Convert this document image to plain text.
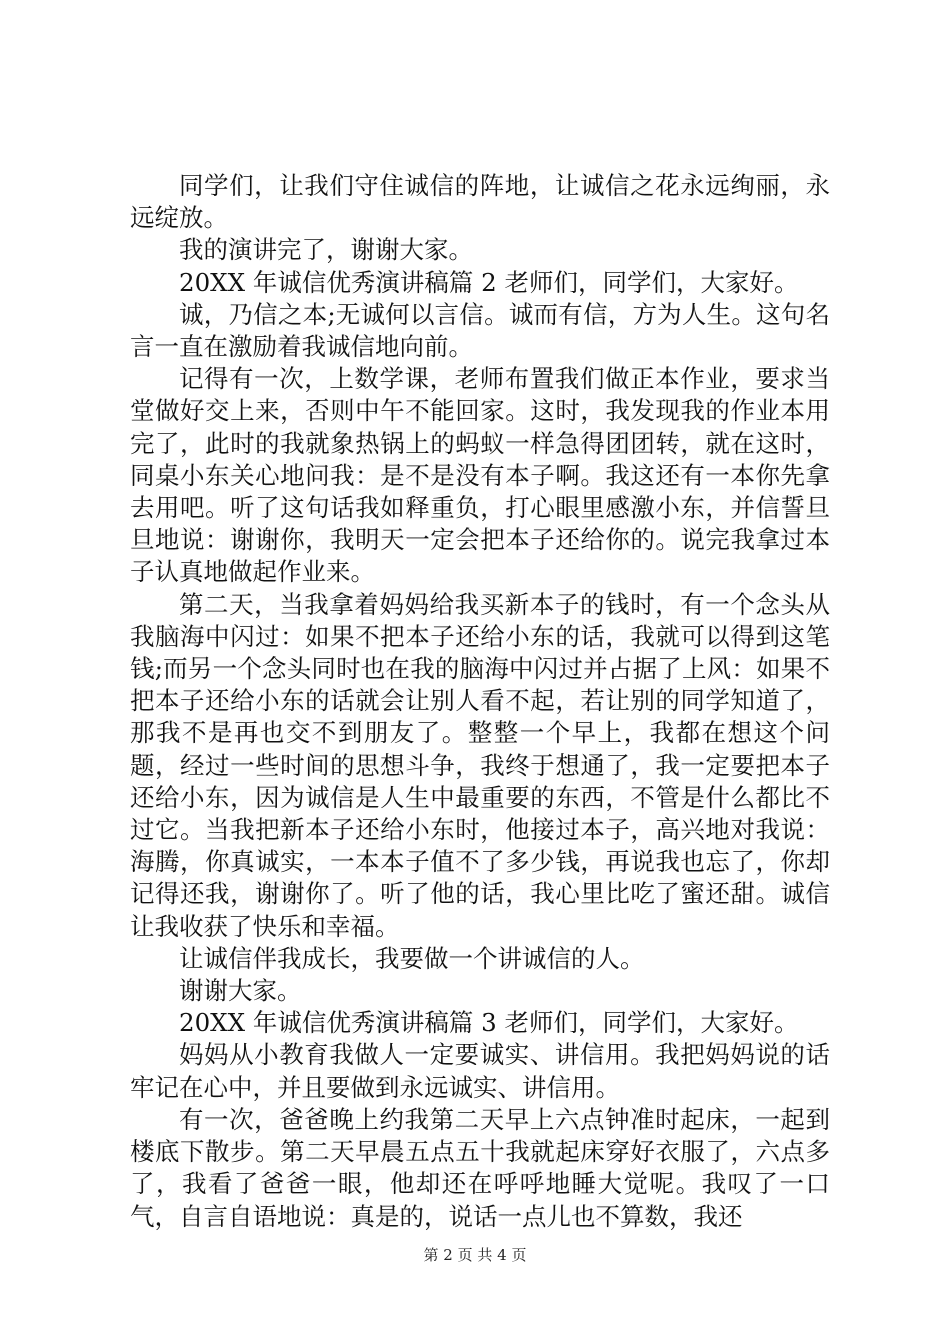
同学们，让我们守住诚信的阵地，让诚信之花永远绚丽，永远绽放。

我的演讲完了，谢谢大家。

20XX 年诚信优秀演讲稿篇 2 老师们，同学们，大家好。

诚，乃信之本;无诚何以言信。诚而有信，方为人生。这句名言一直在激励着我诚信地向前。

记得有一次，上数学课，老师布置我们做正本作业，要求当堂做好交上来，否则中午不能回家。这时，我发现我的作业本用完了，此时的我就象热锅上的蚂蚁一样急得团团转，就在这时，同桌小东关心地问我：是不是没有本子啊。我这还有一本你先拿去用吧。听了这句话我如释重负，打心眼里感激小东，并信誓旦旦地说：谢谢你，我明天一定会把本子还给你的。说完我拿过本子认真地做起作业来。

第二天，当我拿着妈妈给我买新本子的钱时，有一个念头从我脑海中闪过：如果不把本子还给小东的话，我就可以得到这笔钱;而另一个念头同时也在我的脑海中闪过并占据了上风：如果不把本子还给小东的话就会让别人看不起，若让别的同学知道了，那我不是再也交不到朋友了。整整一个早上，我都在想这个问题，经过一些时间的思想斗争，我终于想通了，我一定要把本子还给小东，因为诚信是人生中最重要的东西，不管是什么都比不过它。当我把新本子还给小东时，他接过本子，高兴地对我说：海腾，你真诚实，一本本子值不了多少钱，再说我也忘了，你却记得还我，谢谢你了。听了他的话，我心里比吃了蜜还甜。诚信让我收获了快乐和幸福。

让诚信伴我成长，我要做一个讲诚信的人。

谢谢大家。

20XX 年诚信优秀演讲稿篇 3 老师们，同学们，大家好。

妈妈从小教育我做人一定要诚实、讲信用。我把妈妈说的话牢记在心中，并且要做到永远诚实、讲信用。

有一次，爸爸晚上约我第二天早上六点钟准时起床，一起到楼底下散步。第二天早晨五点五十我就起床穿好衣服了，六点多了，我看了爸爸一眼，他却还在呼呼地睡大觉呢。我叹了一口气，自言自语地说：真是的，说话一点儿也不算数，我还

第 2 页 共 4 页
